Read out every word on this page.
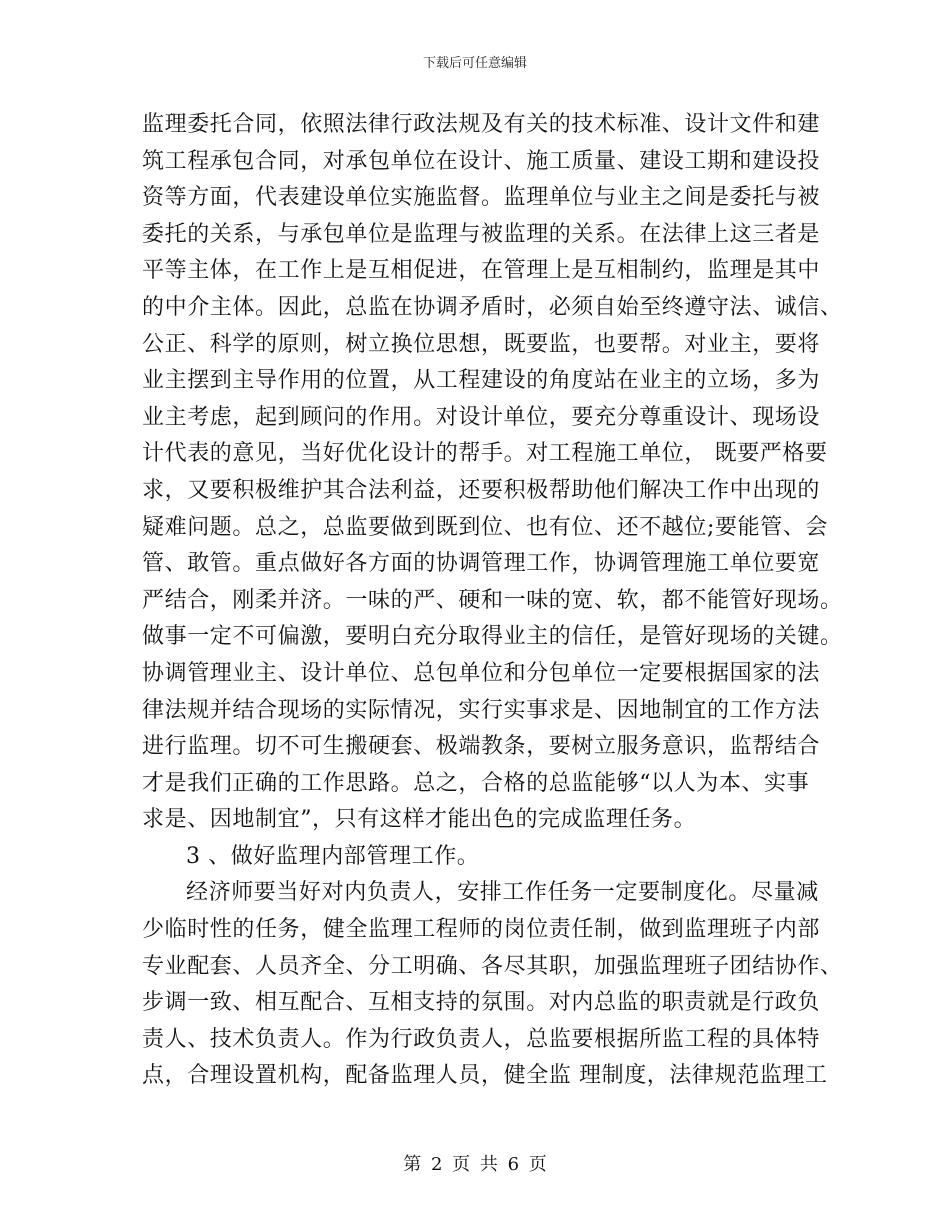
下载后可任意编辑
监理委托合同，依照法律行政法规及有关的技术标准、设计文件和建
筑工程承包合同，对承包单位在设计、施工质量、建设工期和建设投
资等方面，代表建设单位实施监督。监理单位与业主之间是委托与被
委托的关系，与承包单位是监理与被监理的关系。在法律上这三者是
平等主体，在工作上是互相促进，在管理上是互相制约，监理是其中
的中介主体。因此，总监在协调矛盾时，必须自始至终遵守法、诚信、
公正、科学的原则，树立换位思想，既要监，也要帮。对业主，要将
业主摆到主导作用的位置，从工程建设的角度站在业主的立场，多为
业主考虑，起到顾问的作用。对设计单位，要充分尊重设计、现场设
计代表的意见，当好优化设计的帮手。对工程施工单位， 既要严格要
求，又要积极维护其合法利益，还要积极帮助他们解决工作中出现的
疑难问题。总之，总监要做到既到位、也有位、还不越位;要能管、会
管、敢管。重点做好各方面的协调管理工作，协调管理施工单位要宽
严结合，刚柔并济。一味的严、硬和一味的宽、软，都不能管好现场。
做事一定不可偏激，要明白充分取得业主的信任，是管好现场的关键。
协调管理业主、设计单位、总包单位和分包单位一定要根据国家的法
律法规并结合现场的实际情况，实行实事求是、因地制宜的工作方法
进行监理。切不可生搬硬套、极端教条，要树立服务意识，监帮结合
才是我们正确的工作思路。总之，合格的总监能够“以人为本、实事
求是、因地制宜”，只有这样才能出色的完成监理任务。
3 、做好监理内部管理工作。
经济师要当好对内负责人，安排工作任务一定要制度化。尽量减
少临时性的任务，健全监理工程师的岗位责任制，做到监理班子内部
专业配套、人员齐全、分工明确、各尽其职，加强监理班子团结协作、
步调一致、相互配合、互相支持的氛围。对内总监的职责就是行政负
责人、技术负责人。作为行政负责人，总监要根据所监工程的具体特
点，合理设置机构，配备监理人员，健全监 理制度，法律规范监理工
第 2 页 共 6 页
